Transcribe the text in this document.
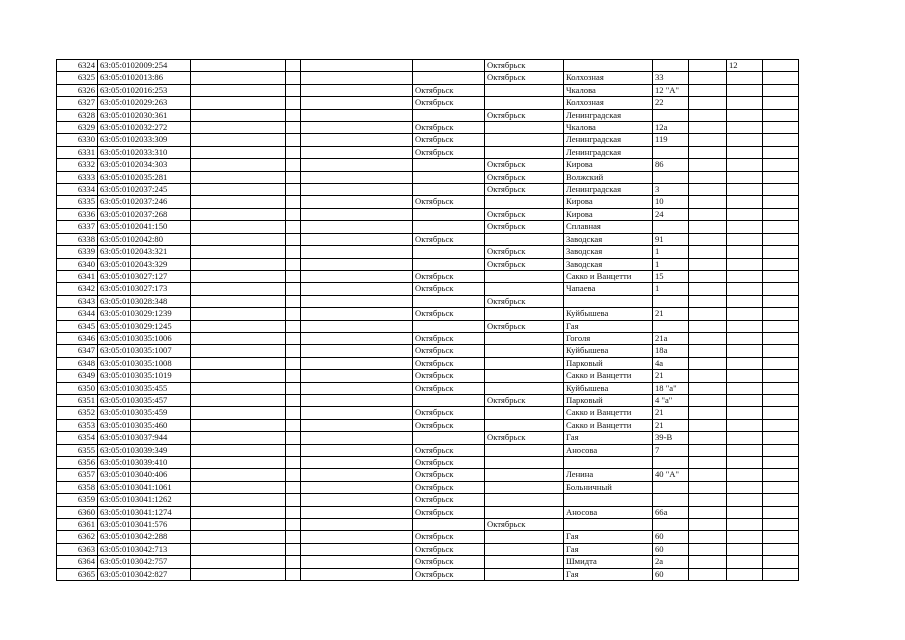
6324	63:05:0102009:254					Октябрьск				12	
6325	63:05:0102013:86					Октябрьск	Колхозная	33			
6326	63:05:0102016:253				Октябрьск		Чкалова	12 "А"			
6327	63:05:0102029:263				Октябрьск		Колхозная	22			
6328	63:05:0102030:361					Октябрьск	Ленинградская				
6329	63:05:0102032:272				Октябрьск		Чкалова	12а			
6330	63:05:0102033:309				Октябрьск		Ленинградская	119			
6331	63:05:0102033:310				Октябрьск		Ленинградская				
6332	63:05:0102034:303					Октябрьск	Кирова	86			
6333	63:05:0102035:281					Октябрьск	Волжский				
6334	63:05:0102037:245					Октябрьск	Ленинградская	3			
6335	63:05:0102037:246				Октябрьск		Кирова	10			
6336	63:05:0102037:268					Октябрьск	Кирова	24			
6337	63:05:0102041:150					Октябрьск	Сплавная				
6338	63:05:0102042:80				Октябрьск		Заводская	91			
6339	63:05:0102043:321					Октябрьск	Заводская	1			
6340	63:05:0102043:329					Октябрьск	Заводская	1			
6341	63:05:0103027:127				Октябрьск		Сакко и Ванцетти	15			
6342	63:05:0103027:173				Октябрьск		Чапаева	1			
6343	63:05:0103028:348					Октябрьск					
6344	63:05:0103029:1239				Октябрьск		Куйбышева	21			
6345	63:05:0103029:1245					Октябрьск	Гая				
6346	63:05:0103035:1006				Октябрьск		Гоголя	21а			
6347	63:05:0103035:1007				Октябрьск		Куйбышева	18а			
6348	63:05:0103035:1008				Октябрьск		Парковый	4а			
6349	63:05:0103035:1019				Октябрьск		Сакко и Ванцетти	21			
6350	63:05:0103035:455				Октябрьск		Куйбышева	18 "а"			
6351	63:05:0103035:457					Октябрьск	Парковый	4 "а"			
6352	63:05:0103035:459				Октябрьск		Сакко и Ванцетти	21			
6353	63:05:0103035:460				Октябрьск		Сакко и Ванцетти	21			
6354	63:05:0103037:944					Октябрьск	Гая	39-В			
6355	63:05:0103039:349				Октябрьск		Аносова	7			
6356	63:05:0103039:410				Октябрьск						
6357	63:05:0103040:406				Октябрьск		Ленина	40 "А"			
6358	63:05:0103041:1061				Октябрьск		Больничный				
6359	63:05:0103041:1262				Октябрьск						
6360	63:05:0103041:1274				Октябрьск		Аносова	66а			
6361	63:05:0103041:576					Октябрьск					
6362	63:05:0103042:288				Октябрьск		Гая	60			
6363	63:05:0103042:713				Октябрьск		Гая	60			
6364	63:05:0103042:757				Октябрьск		Шмидта	2а			
6365	63:05:0103042:827				Октябрьск		Гая	60			
